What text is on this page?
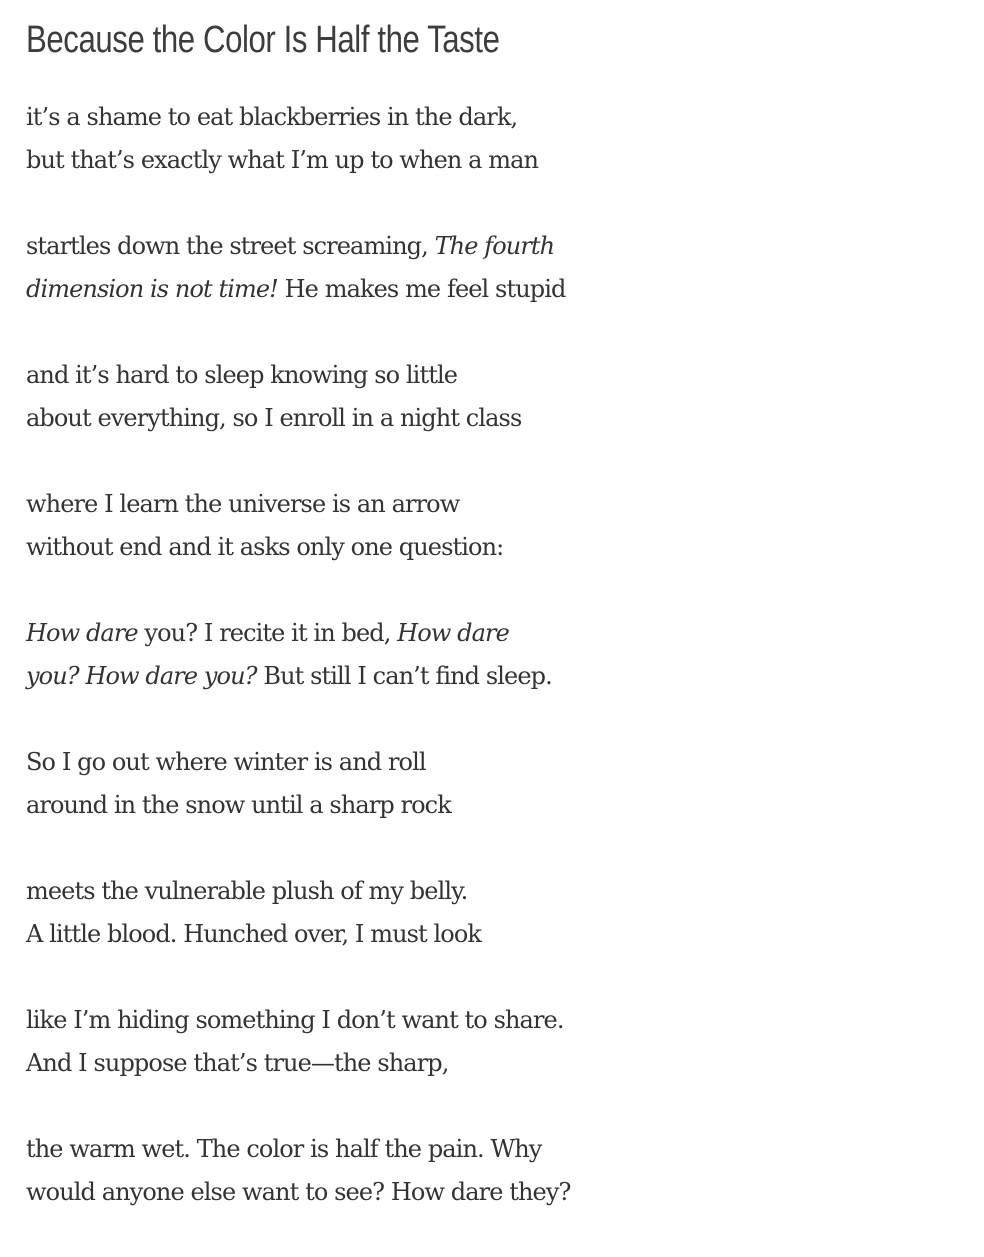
Because the Color Is Half the Taste
it’s a shame to eat blackberries in the dark,
but that’s exactly what I’m up to when a man
startles down the street screaming, The fourth
dimension is not time! He makes me feel stupid
and it’s hard to sleep knowing so little
about everything, so I enroll in a night class
where I learn the universe is an arrow
without end and it asks only one question:
How dare you? I recite it in bed, How dare
you? How dare you? But still I can’t find sleep.
So I go out where winter is and roll
around in the snow until a sharp rock
meets the vulnerable plush of my belly.
A little blood. Hunched over, I must look
like I’m hiding something I don’t want to share.
And I suppose that’s true—the sharp,
the warm wet. The color is half the pain. Why
would anyone else want to see? How dare they?
